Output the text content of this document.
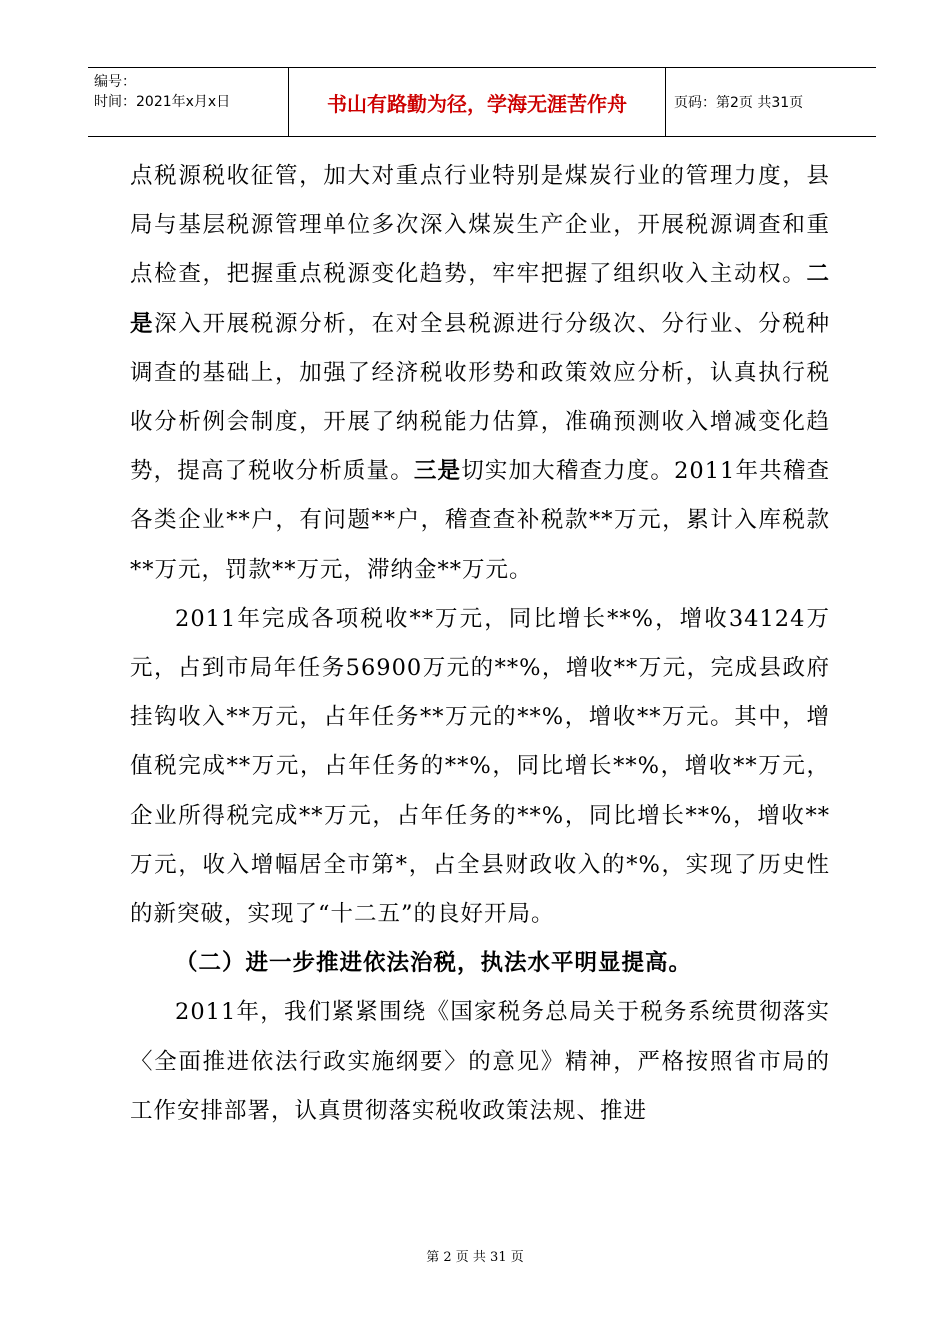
编号：
时间：2021年x月x日	书山有路勤为径，学海无涯苦作舟	页码：第2页 共31页

点税源税收征管，加大对重点行业特别是煤炭行业的管理力度，县局与基层税源管理单位多次深入煤炭生产企业，开展税源调查和重点检查，把握重点税源变化趋势，牢牢把握了组织收入主动权。二是深入开展税源分析，在对全县税源进行分级次、分行业、分税种调查的基础上，加强了经济税收形势和政策效应分析，认真执行税收分析例会制度，开展了纳税能力估算，准确预测收入增减变化趋势，提高了税收分析质量。三是切实加大稽查力度。2011年共稽查各类企业**户，有问题**户，稽查查补税款**万元，累计入库税款**万元，罚款**万元，滞纳金**万元。

2011年完成各项税收**万元，同比增长**%，增收34124万元，占到市局年任务56900万元的**%，增收**万元，完成县政府挂钩收入**万元，占年任务**万元的**%，增收**万元。其中，增值税完成**万元，占年任务的**%，同比增长**%，增收**万元，企业所得税完成**万元，占年任务的**%，同比增长**%，增收**万元，收入增幅居全市第*，占全县财政收入的*%，实现了历史性的新突破，实现了“十二五”的良好开局。

（二）进一步推进依法治税，执法水平明显提高。

2011年，我们紧紧围绕《国家税务总局关于税务系统贯彻落实〈全面推进依法行政实施纲要〉的意见》精神，严格按照省市局的工作安排部署，认真贯彻落实税收政策法规、推进

第 2 页 共 31 页
